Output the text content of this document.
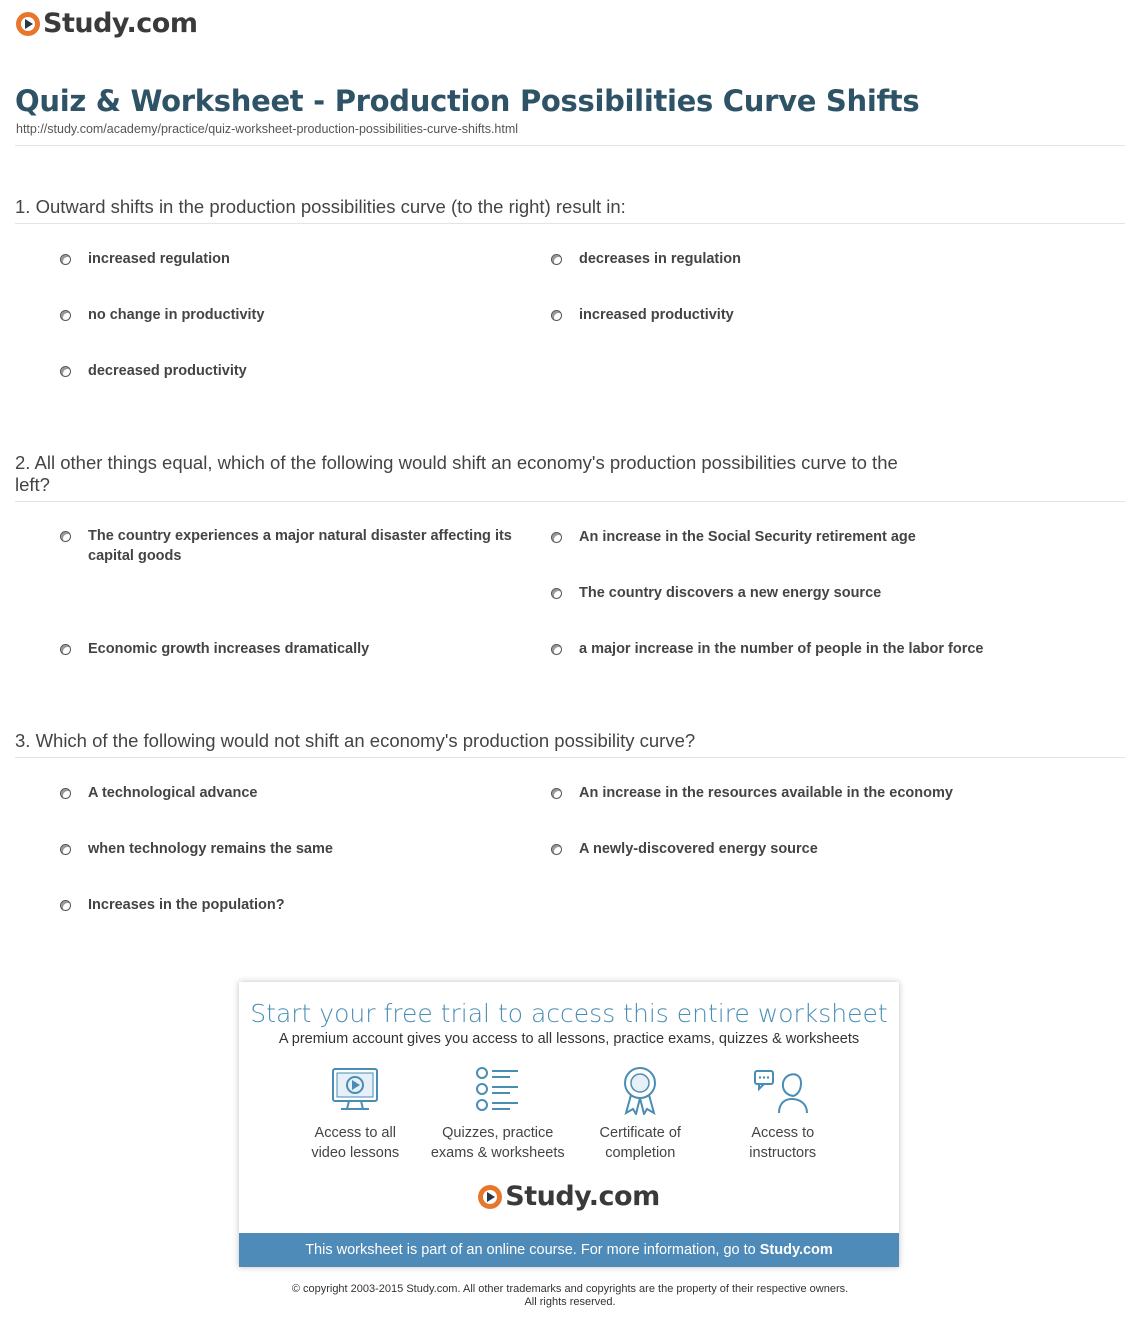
Study.com
Quiz & Worksheet - Production Possibilities Curve Shifts
http://study.com/academy/practice/quiz-worksheet-production-possibilities-curve-shifts.html
1. Outward shifts in the production possibilities curve (to the right) result in:
increased regulation	decreases in regulation
no change in productivity	increased productivity
decreased productivity
2. All other things equal, which of the following would shift an economy's production possibilities curve to the left?
The country experiences a major natural disaster affecting its capital goods
An increase in the Social Security retirement age
The country discovers a new energy source
Economic growth increases dramatically	a major increase in the number of people in the labor force
3. Which of the following would not shift an economy's production possibility curve?
A technological advance	An increase in the resources available in the economy
when technology remains the same	A newly-discovered energy source
Increases in the population?
Start your free trial to access this entire worksheet
A premium account gives you access to all lessons, practice exams, quizzes & worksheets
Access to all
video lessons
Quizzes, practice
exams & worksheets
Certificate of
completion
Access to
instructors
Study.com
This worksheet is part of an online course. For more information, go to Study.com
© copyright 2003-2015 Study.com. All other trademarks and copyrights are the property of their respective owners.
All rights reserved.
